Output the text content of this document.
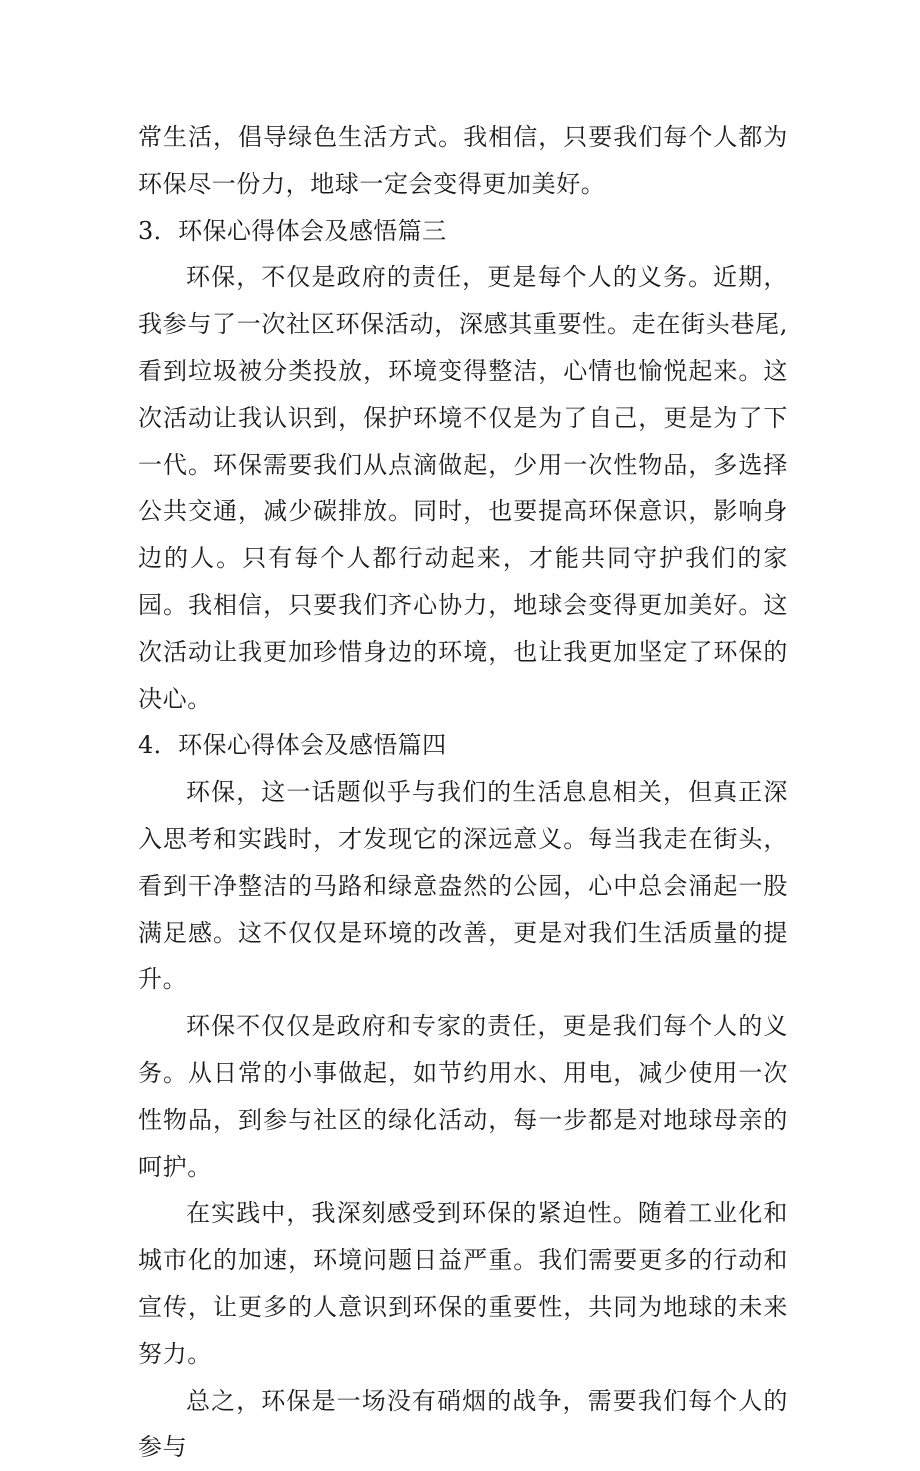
常生活，倡导绿色生活方式。我相信，只要我们每个人都为环保尽一份力，地球一定会变得更加美好。

3．环保心得体会及感悟篇三

环保，不仅是政府的责任，更是每个人的义务。近期，我参与了一次社区环保活动，深感其重要性。走在街头巷尾,看到垃圾被分类投放，环境变得整洁，心情也愉悦起来。这次活动让我认识到，保护环境不仅是为了自己，更是为了下一代。环保需要我们从点滴做起，少用一次性物品，多选择公共交通，减少碳排放。同时，也要提高环保意识，影响身边的人。只有每个人都行动起来，才能共同守护我们的家园。我相信，只要我们齐心协力，地球会变得更加美好。这次活动让我更加珍惜身边的环境，也让我更加坚定了环保的决心。

4．环保心得体会及感悟篇四

环保，这一话题似乎与我们的生活息息相关，但真正深入思考和实践时，才发现它的深远意义。每当我走在街头，看到干净整洁的马路和绿意盎然的公园，心中总会涌起一股满足感。这不仅仅是环境的改善，更是对我们生活质量的提升。

环保不仅仅是政府和专家的责任，更是我们每个人的义务。从日常的小事做起，如节约用水、用电，减少使用一次性物品，到参与社区的绿化活动，每一步都是对地球母亲的呵护。

在实践中，我深刻感受到环保的紧迫性。随着工业化和城市化的加速，环境问题日益严重。我们需要更多的行动和宣传，让更多的人意识到环保的重要性，共同为地球的未来努力。

总之，环保是一场没有硝烟的战争，需要我们每个人的参与
